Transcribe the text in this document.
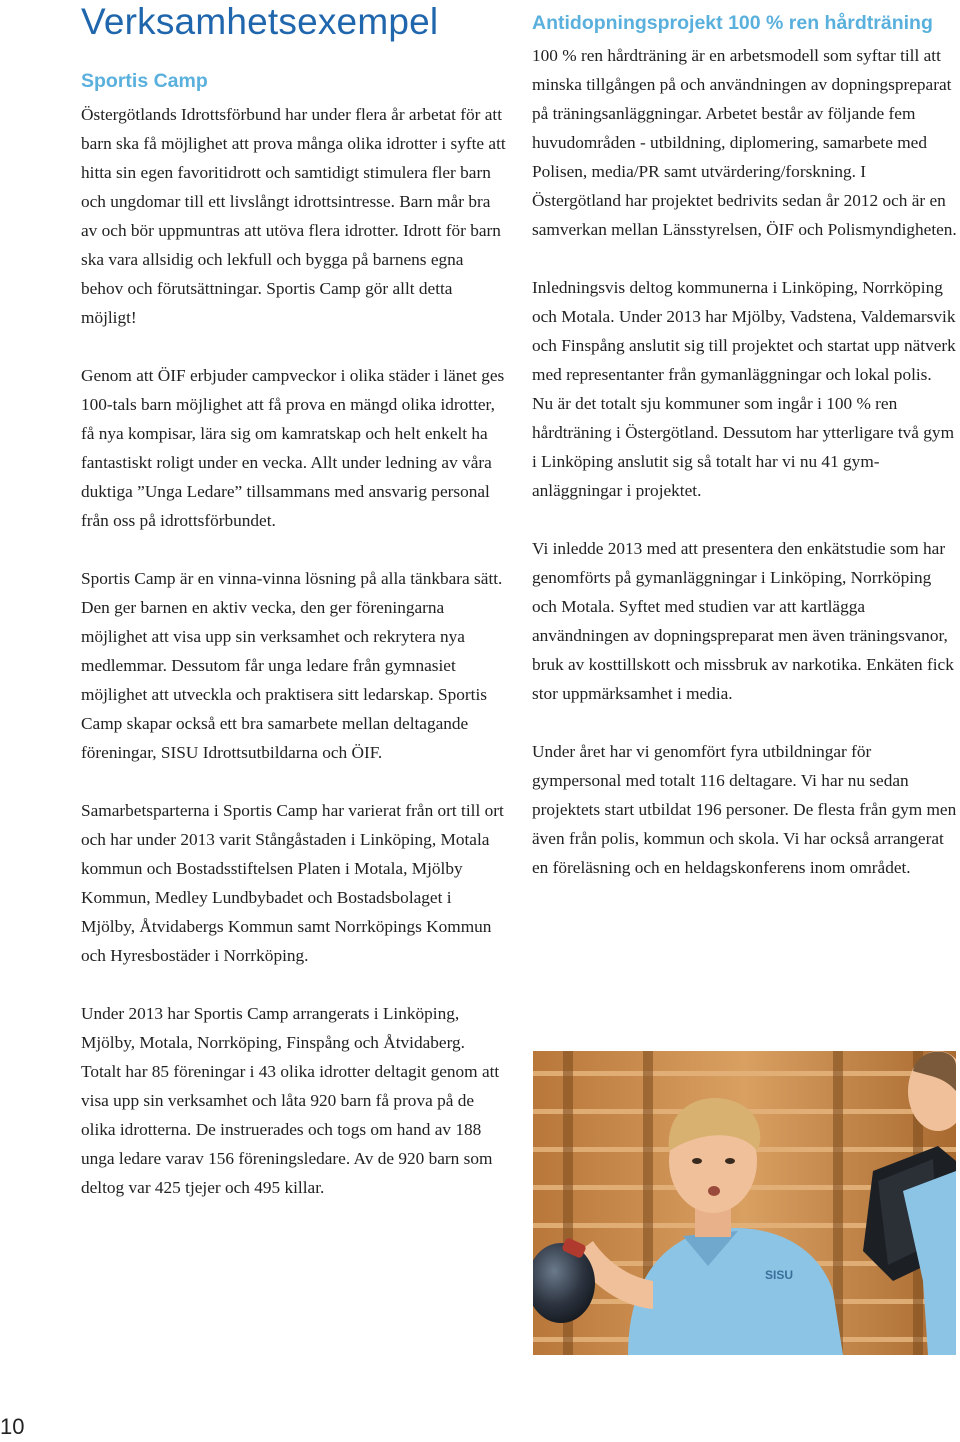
Verksamhetsexempel
Sportis Camp

Östergötlands Idrottsförbund har under flera år arbetat för att barn ska få möjlighet att prova många olika idrotter i syfte att hitta sin egen favoritidrott och samtidigt stimulera fler barn och ungdomar till ett livslångt idrottsintresse. Barn mår bra av och bör uppmuntras att utöva flera idrotter. Idrott för barn ska vara allsidig och lekfull och bygga på barnens egna behov och förutsättningar. Sportis Camp gör allt detta möjligt!

Genom att ÖIF erbjuder campveckor i olika städer i länet ges 100-tals barn möjlighet att få prova en mängd olika idrotter, få nya kompisar, lära sig om kamratskap och helt enkelt ha fantastiskt roligt under en vecka. Allt under ledning av våra duktiga ”Unga Ledare” tillsammans med ansvarig personal från oss på idrottsförbundet.

Sportis Camp är en vinna-vinna lösning på alla tänkbara sätt. Den ger barnen en aktiv vecka, den ger föreningarna möjlighet att visa upp sin verksamhet och rekrytera nya medlemmar. Dessutom får unga ledare från gymnasiet möjlighet att utveckla och praktisera sitt ledarskap. Sportis Camp skapar också ett bra samarbete mellan deltagande föreningar, SISU Idrottsutbildarna och ÖIF.

Samarbetsparterna i Sportis Camp har varierat från ort till ort och har under 2013 varit Stångåstaden i Linköping, Motala kommun och Bostadsstiftelsen Platen i Motala, Mjölby Kommun, Medley Lundbybadet och Bostadsbolaget i Mjölby, Åtvidabergs Kommun samt Norrköpings Kommun och Hyresbostäder i Norrköping.

Under 2013 har Sportis Camp arrangerats i Linköping, Mjölby, Motala, Norrköping, Finspång och Åtvidaberg. Totalt har 85 föreningar i 43 olika idrotter deltagit genom att visa upp sin verksamhet och låta 920 barn få prova på de olika idrotterna. De instruerades och togs om hand av 188 unga ledare varav 156 föreningsledare. Av de 920 barn som deltog var 425 tjejer och 495 killar.

Antidopningsprojekt 100 % ren hårdträning

100 % ren hårdträning är en arbetsmodell som syftar till att minska tillgången på och användningen av dopningspreparat på träningsanläggningar. Arbetet består av följande fem huvudområden - utbildning, diplomering, samarbete med Polisen, media/PR samt utvärdering/forskning. I Östergötland har projektet bedrivits sedan år 2012 och är en samverkan mellan Länsstyrelsen, ÖIF och Polismyndigheten.

Inledningsvis deltog kommunerna i Linköping, Norrköping och Motala. Under 2013 har Mjölby, Vadstena, Valdemarsvik och Finspång anslutit sig till projektet och startat upp nätverk med representanter från gymanläggningar och lokal polis. Nu är det totalt sju kommuner som ingår i 100 % ren hårdträning i Östergötland. Dessutom har ytterligare två gym i Linköping anslutit sig så totalt har vi nu 41 gym-anläggningar i projektet.

Vi inledde 2013 med att presentera den enkätstudie som har genomförts på gymanläggningar i Linköping, Norrköping och Motala. Syftet med studien var att kartlägga användningen av dopningspreparat men även träningsvanor, bruk av kosttillskott och missbruk av narkotika. Enkäten fick stor uppmärksamhet i media.

Under året har vi genomfört fyra utbildningar för gympersonal med totalt 116 deltagare. Vi har nu sedan projektets start utbildat 196 personer. De flesta från gym men även från polis, kommun och skola. Vi har också arrangerat en föreläsning och en heldagskonferens inom området.

SISU
10
